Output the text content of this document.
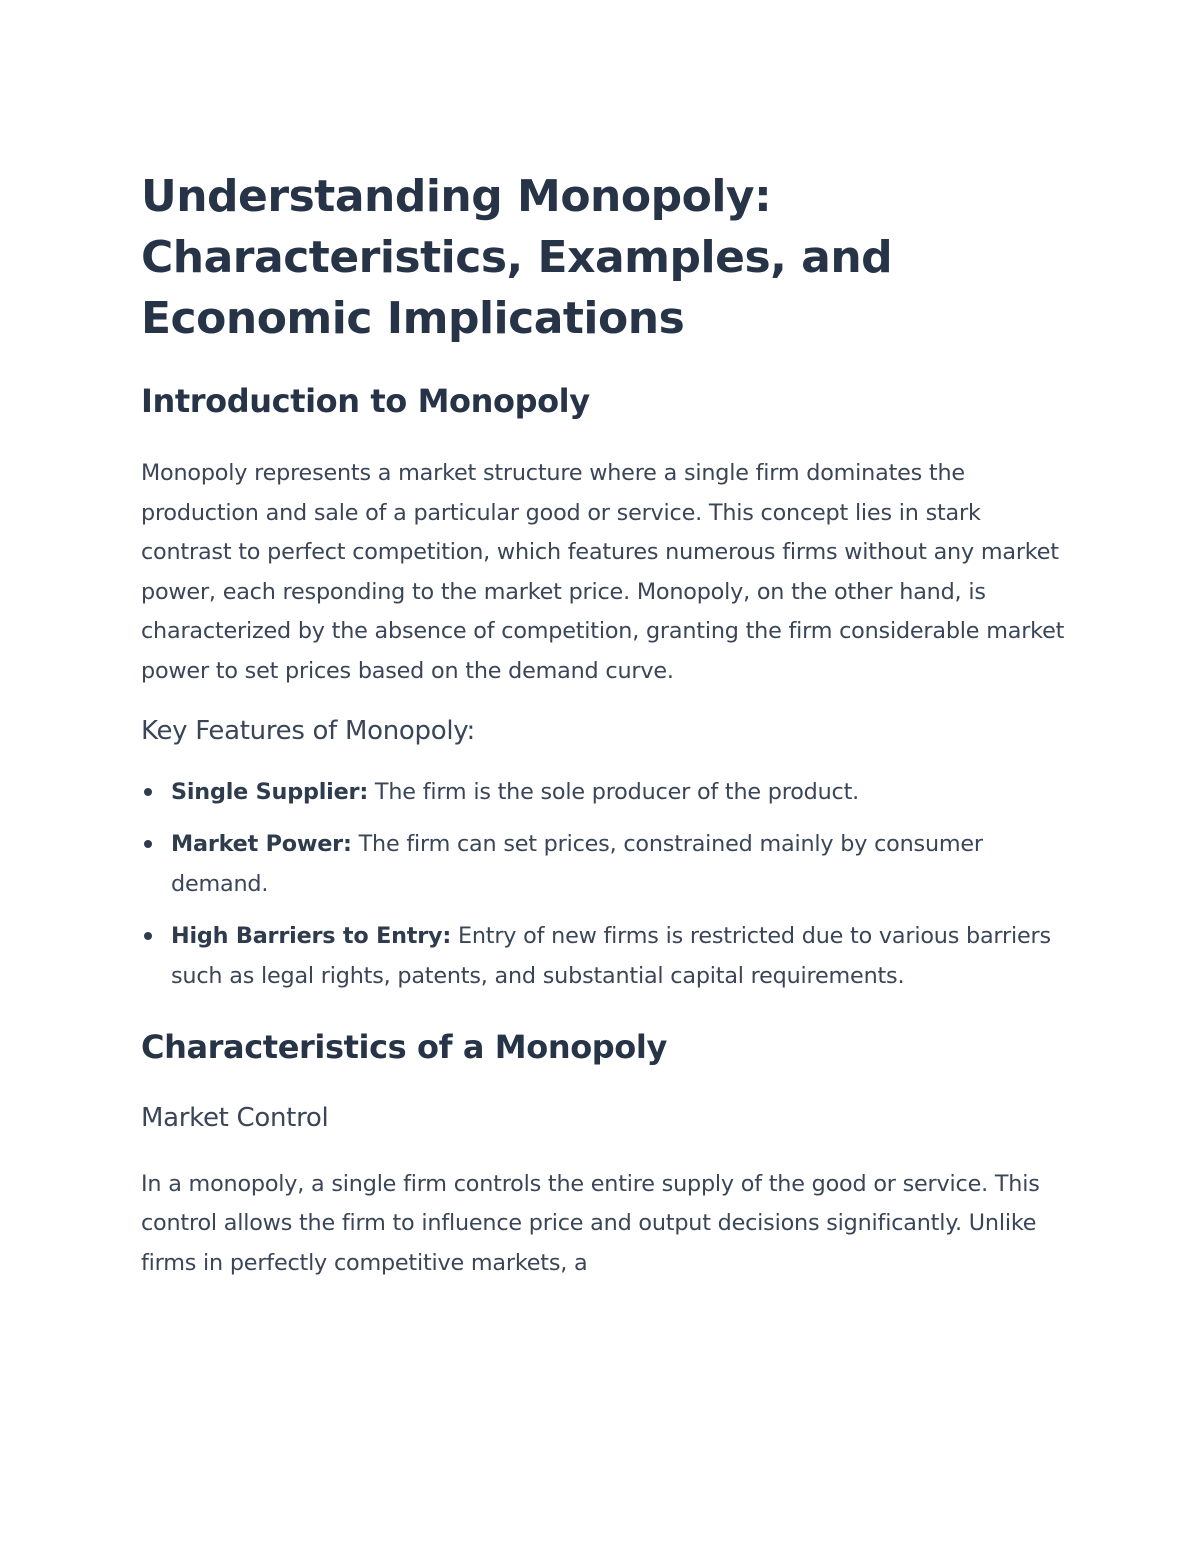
Understanding Monopoly: Characteristics, Examples, and Economic Implications
Introduction to Monopoly

Monopoly represents a market structure where a single firm dominates the production and sale of a particular good or service. This concept lies in stark contrast to perfect competition, which features numerous firms without any market power, each responding to the market price. Monopoly, on the other hand, is characterized by the absence of competition, granting the firm considerable market power to set prices based on the demand curve.

Key Features of Monopoly:
Single Supplier: The firm is the sole producer of the product.
Market Power: The firm can set prices, constrained mainly by consumer demand.
High Barriers to Entry: Entry of new firms is restricted due to various barriers such as legal rights, patents, and substantial capital requirements.
Characteristics of a Monopoly
Market Control

In a monopoly, a single firm controls the entire supply of the good or service. This control allows the firm to influence price and output decisions significantly. Unlike firms in perfectly competitive markets, a
